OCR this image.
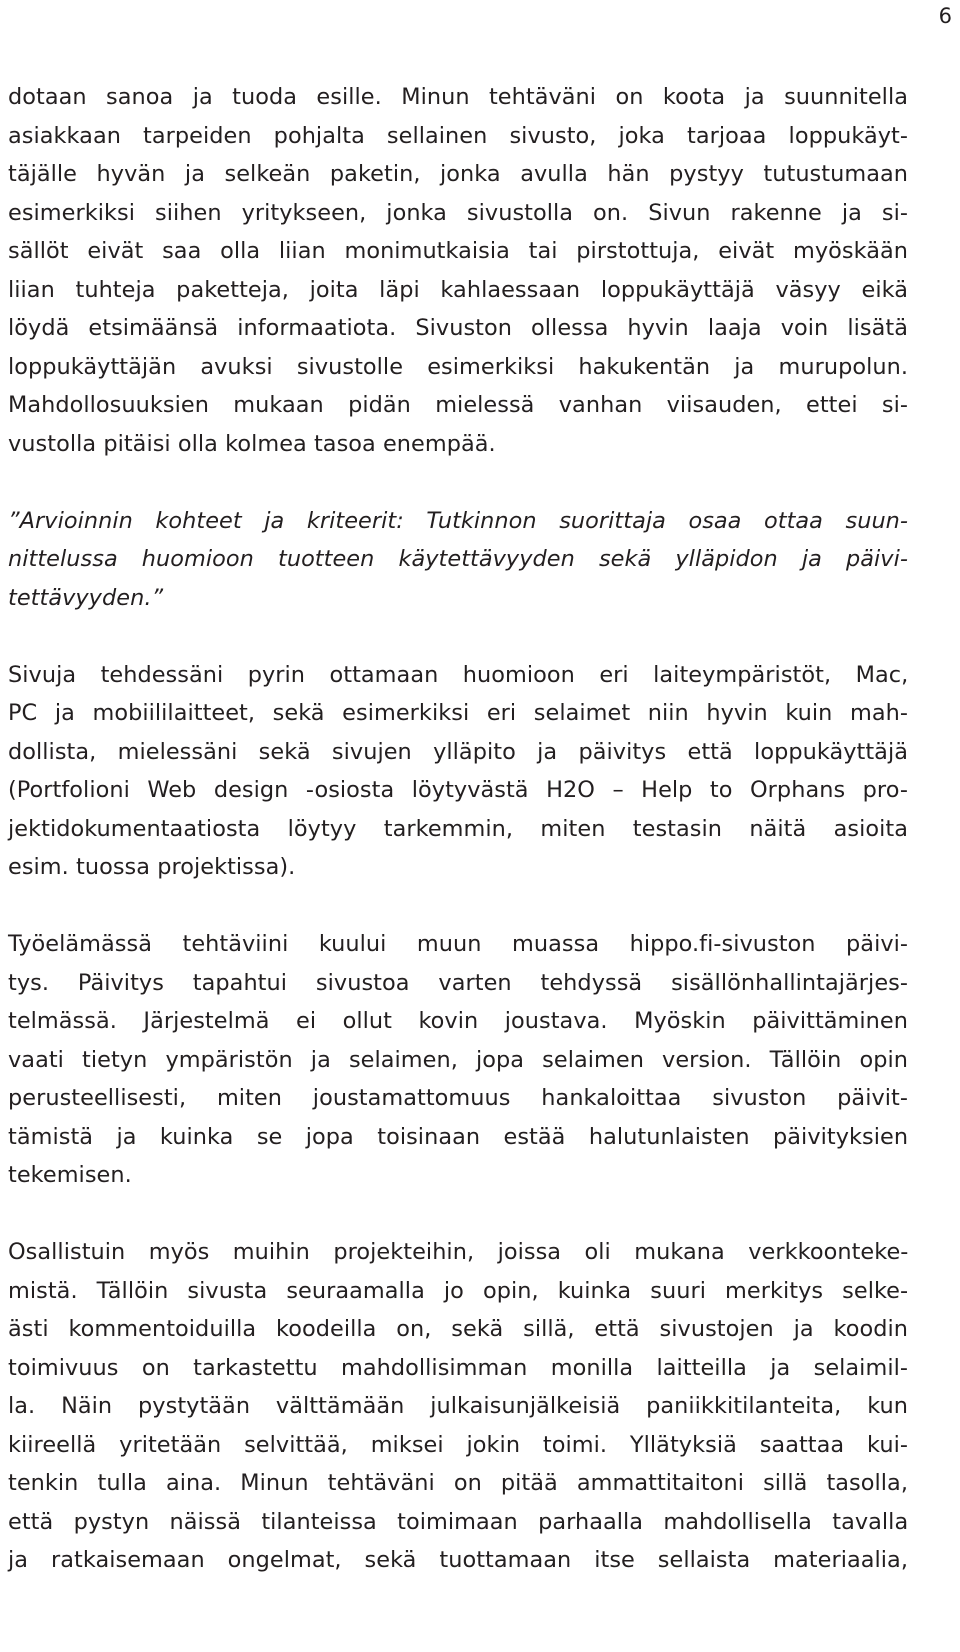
6
dotaan sanoa ja tuoda esille. Minun tehtäväni on koota ja suunnitella
asiakkaan tarpeiden pohjalta sellainen sivusto, joka tarjoaa loppukäyt-
täjälle hyvän ja selkeän paketin, jonka avulla hän pystyy tutustumaan
esimerkiksi siihen yritykseen, jonka sivustolla on. Sivun rakenne ja si-
sällöt eivät saa olla liian monimutkaisia tai pirstottuja, eivät myöskään
liian tuhteja paketteja, joita läpi kahlaessaan loppukäyttäjä väsyy eikä
löydä etsimäänsä informaatiota. Sivuston ollessa hyvin laaja voin lisätä
loppukäyttäjän avuksi sivustolle esimerkiksi hakukentän ja murupolun.
Mahdollosuuksien mukaan pidän mielessä vanhan viisauden, ettei si-
vustolla pitäisi olla kolmea tasoa enempää.
”Arvioinnin kohteet ja kriteerit: Tutkinnon suorittaja osaa ottaa suun-
nittelussa huomioon tuotteen käytettävyyden sekä ylläpidon ja päivi-
tettävyyden.”
Sivuja tehdessäni pyrin ottamaan huomioon eri laiteympäristöt, Mac,
PC ja mobiililaitteet, sekä esimerkiksi eri selaimet niin hyvin kuin mah-
dollista, mielessäni sekä sivujen ylläpito ja päivitys että loppukäyttäjä
(Portfolioni Web design -osiosta löytyvästä H2O – Help to Orphans pro-
jektidokumentaatiosta löytyy tarkemmin, miten testasin näitä asioita
esim. tuossa projektissa).
Työelämässä tehtäviini kuului muun muassa hippo.fi-sivuston päivi-
tys. Päivitys tapahtui sivustoa varten tehdyssä sisällönhallintajärjes-
telmässä. Järjestelmä ei ollut kovin joustava. Myöskin päivittäminen
vaati tietyn ympäristön ja selaimen, jopa selaimen version. Tällöin opin
perusteellisesti, miten joustamattomuus hankaloittaa sivuston päivit-
tämistä ja kuinka se jopa toisinaan estää halutunlaisten päivityksien
tekemisen.
Osallistuin myös muihin projekteihin, joissa oli mukana verkkoonteke-
mistä. Tällöin sivusta seuraamalla jo opin, kuinka suuri merkitys selke-
ästi kommentoiduilla koodeilla on, sekä sillä, että sivustojen ja koodin
toimivuus on tarkastettu mahdollisimman monilla laitteilla ja selaimil-
la. Näin pystytään välttämään julkaisunjälkeisiä paniikkitilanteita, kun
kiireellä yritetään selvittää, miksei jokin toimi. Yllätyksiä saattaa kui-
tenkin tulla aina. Minun tehtäväni on pitää ammattitaitoni sillä tasolla,
että pystyn näissä tilanteissa toimimaan parhaalla mahdollisella tavalla
ja ratkaisemaan ongelmat, sekä tuottamaan itse sellaista materiaalia,
